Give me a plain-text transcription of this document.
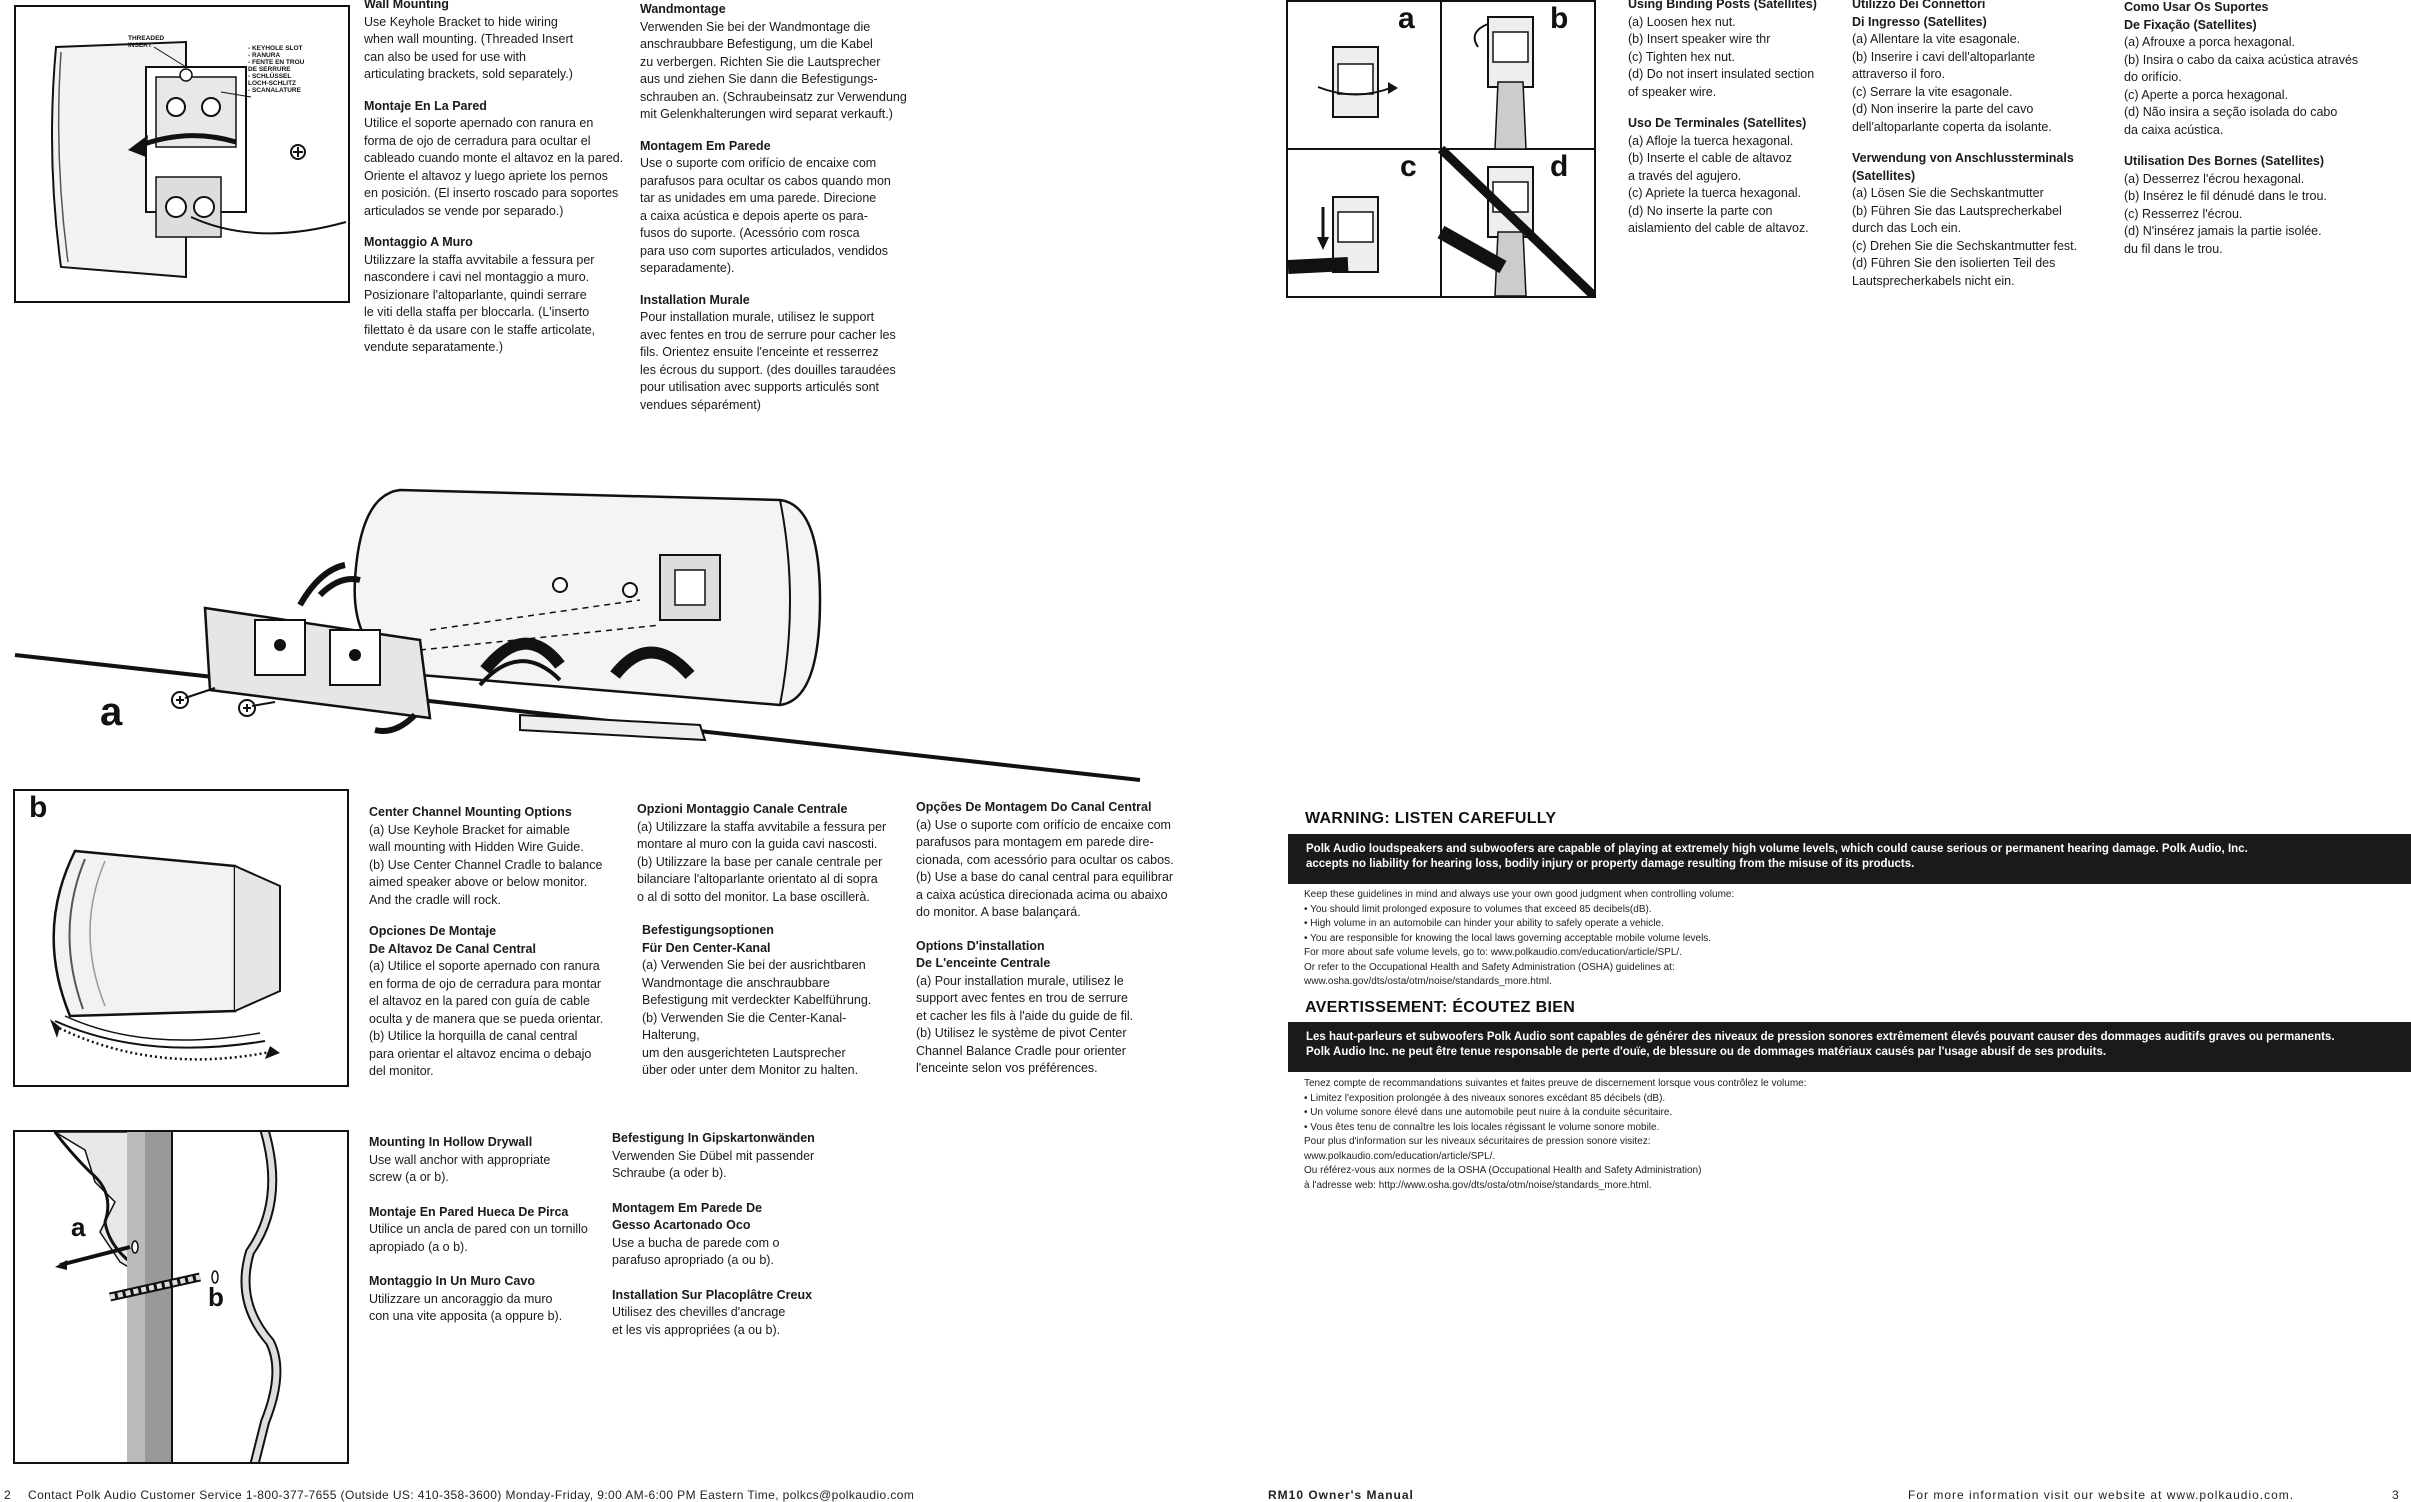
THREADED
INSERT	- KEYHOLE SLOT
- RANURA
- FENTE EN TROU
DE SERRURE
- SCHLÜSSEL
LOCH-SCHLITZ
- SCANALATURE
Wall Mounting

Use Keyhole Bracket to hide wiring
when wall mounting. (Threaded Insert
can also be used for use with
articulating brackets, sold separately.)

Montaje En La Pared

Utilice el soporte apernado con ranura en
forma de ojo de cerradura para ocultar el
cableado cuando monte el altavoz en la pared.
Oriente el altavoz y luego apriete los pernos
en posición. (El inserto roscado para soportes
articulados se vende por separado.)

Montaggio A Muro

Utilizzare la staffa avvitabile a fessura per
nascondere i cavi nel montaggio a muro.
Posizionare l'altoparlante, quindi serrare
le viti della staffa per bloccarla. (L'inserto
filettato è da usare con le staffe articolate,
vendute separatamente.)

Wandmontage

Verwenden Sie bei der Wandmontage die
anschraubbare Befestigung, um die Kabel
zu verbergen. Richten Sie die Lautsprecher
aus und ziehen Sie dann die Befestigungs-
schrauben an. (Schraubeinsatz zur Verwendung
mit Gelenkhalterungen wird separat verkauft.)

Montagem Em Parede

Use o suporte com orifício de encaixe com
parafusos para ocultar os cabos quando mon
tar as unidades em uma parede. Direcione
a caixa acústica e depois aperte os para-
fusos do suporte. (Acessório com rosca
para uso com suportes articulados, vendidos
separadamente).

Installation Murale

Pour installation murale, utilisez le support
avec fentes en trou de serrure pour cacher les
fils. Orientez ensuite l'enceinte et resserrez
les écrous du support. (des douilles taraudées
pour utilisation avec supports articulés sont
vendues séparément)

a	b
c	d
Using Binding Posts (Satellites)

(a) Loosen hex nut.
(b) Insert speaker wire thr
(c) Tighten hex nut.
(d) Do not insert insulated section
of speaker wire.

Uso De Terminales (Satellites)

(a) Afloje la tuerca hexagonal.
(b) Inserte el cable de altavoz
a través del agujero.
(c) Apriete la tuerca hexagonal.
(d) No inserte la parte con
aislamiento del cable de altavoz.

Utilizzo Dei Connettori
Di Ingresso (Satellites)

(a) Allentare la vite esagonale.
(b) Inserire i cavi dell'altoparlante
attraverso il foro.
(c) Serrare la vite esagonale.
(d) Non inserire la parte del cavo
dell'altoparlante coperta da isolante.

Verwendung von Anschlussterminals
(Satellites)

(a) Lösen Sie die Sechskantmutter
(b) Führen Sie das Lautsprecherkabel
durch das Loch ein.
(c) Drehen Sie die Sechskantmutter fest.
(d) Führen Sie den isolierten Teil des
Lautsprecherkabels nicht ein.

Como Usar Os Suportes
De Fixação (Satellites)

(a) Afrouxe a porca hexagonal.
(b) Insira o cabo da caixa acústica através
do orifício.
(c) Aperte a porca hexagonal.
(d) Não insira a seção isolada do cabo
da caixa acústica.

Utilisation Des Bornes (Satellites)

(a) Desserrez l'écrou hexagonal.
(b) Insérez le fil dénudé dans le trou.
(c) Resserrez l'écrou.
(d) N'insérez jamais la partie isolée.
du fil dans le trou.

a
b	Center Channel Mounting Options

(a) Use Keyhole Bracket for aimable
wall mounting with Hidden Wire Guide.
(b) Use Center Channel Cradle to balance
aimed speaker above or below monitor.
And the cradle will rock.

Opciones De Montaje
De Altavoz De Canal Central

(a) Utilice el soporte apernado con ranura
en forma de ojo de cerradura para montar
el altavoz en la pared con guía de cable
oculta y de manera que se pueda orientar.
(b) Utilice la horquilla de canal central
para orientar el altavoz encima o debajo
del monitor.

Opzioni Montaggio Canale Centrale

(a) Utilizzare la staffa avvitabile a fessura per
montare al muro con la guida cavi nascosti.
(b) Utilizzare la base per canale centrale per
bilanciare l'altoparlante orientato al di sopra
o al di sotto del monitor. La base oscillerà.

Befestigungsoptionen
Für Den Center-Kanal

(a) Verwenden Sie bei der ausrichtbaren
Wandmontage die anschraubbare
Befestigung mit verdeckter Kabelführung.
(b) Verwenden Sie die Center-Kanal-Halterung,
um den ausgerichteten Lautsprecher
über oder unter dem Monitor zu halten.

Opções De Montagem Do Canal Central

(a) Use o suporte com orifício de encaixe com
parafusos para montagem em parede dire-
cionada, com acessório para ocultar os cabos.
(b) Use a base do canal central para equilibrar
a caixa acústica direcionada acima ou abaixo
do monitor. A base balançará.

Options D'installation
De L'enceinte Centrale

(a) Pour installation murale, utilisez le
support avec fentes en trou de serrure
et cacher les fils à l'aide du guide de fil.
(b) Utilisez le système de pivot Center
Channel Balance Cradle pour orienter
l'enceinte selon vos préférences.

a
b
Mounting In Hollow Drywall

Use wall anchor with appropriate
screw (a or b).

Montaje En Pared Hueca De Pirca

Utilice un ancla de pared con un tornillo
apropiado (a o b).

Montaggio In Un Muro Cavo

Utilizzare un ancoraggio da muro
con una vite apposita (a oppure b).

Befestigung In Gipskartonwänden

Verwenden Sie Dübel mit passender
Schraube (a oder b).

Montagem Em Parede De
Gesso Acartonado Oco

Use a bucha de parede com o
parafuso apropriado (a ou b).

Installation Sur Placoplâtre Creux

Utilisez des chevilles d'ancrage
et les vis appropriées (a ou b).

WARNING: LISTEN CAREFULLY
Polk Audio loudspeakers and subwoofers are capable of playing at extremely high volume levels, which could cause serious or permanent hearing damage. Polk Audio, Inc.
accepts no liability for hearing loss, bodily injury or property damage resulting from the misuse of its products.
Keep these guidelines in mind and always use your own good judgment when controlling volume:
• You should limit prolonged exposure to volumes that exceed 85 decibels(dB).
• High volume in an automobile can hinder your ability to safely operate a vehicle.
• You are responsible for knowing the local laws governing acceptable mobile volume levels.
For more about safe volume levels, go to: www.polkaudio.com/education/article/SPL/.
Or refer to the Occupational Health and Safety Administration (OSHA) guidelines at:
www.osha.gov/dts/osta/otm/noise/standards_more.html.
AVERTISSEMENT: ÉCOUTEZ BIEN
Les haut-parleurs et subwoofers Polk Audio sont capables de générer des niveaux de pression sonores extrêmement élevés pouvant causer des dommages auditifs graves ou permanents.
Polk Audio Inc. ne peut être tenue responsable de perte d'ouïe, de blessure ou de dommages matériaux causés par l'usage abusif de ses produits.
Tenez compte de recommandations suivantes et faites preuve de discernement lorsque vous contrôlez le volume:
• Limitez l'exposition prolongée à des niveaux sonores excédant 85 décibels (dB).
• Un volume sonore élevé dans une automobile peut nuire à la conduite sécuritaire.
• Vous êtes tenu de connaître les lois locales régissant le volume sonore mobile.
Pour plus d'information sur les niveaux sécuritaires de pression sonore visitez:
www.polkaudio.com/education/article/SPL/.
Ou référez-vous aux normes de la OSHA (Occupational Health and Safety Administration)
à l'adresse web: http://www.osha.gov/dts/osta/otm/noise/standards_more.html.
2 Contact Polk Audio Customer Service 1-800-377-7655 (Outside US: 410-358-3600) Monday-Friday, 9:00 AM-6:00 PM Eastern Time, polkcs@polkaudio.com	RM10 Owner's Manual	For more information visit our website at www.polkaudio.com.	3
